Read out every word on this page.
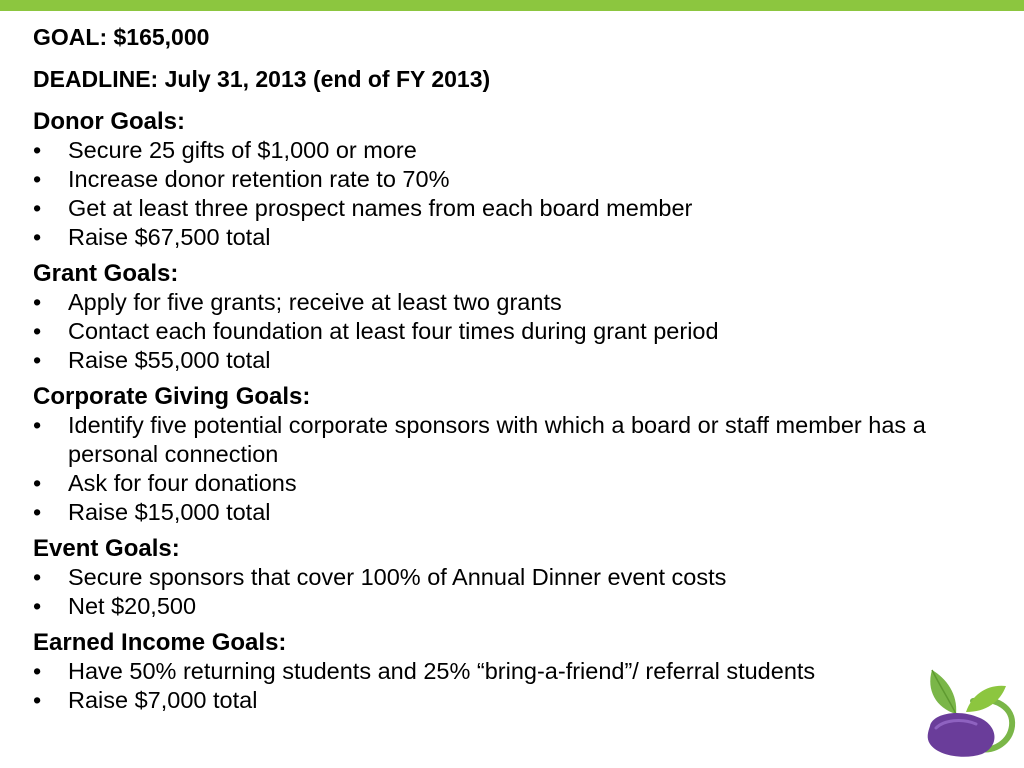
GOAL: $165,000
DEADLINE: July 31, 2013 (end of FY 2013)
Donor Goals:
•	Secure 25 gifts of $1,000 or more
•	Increase donor retention rate to 70%
•	Get at least three prospect names from each board member
•	Raise $67,500 total
Grant Goals:
•	Apply for five grants; receive at least two grants
•	Contact each foundation at least four times during grant period
•	Raise $55,000 total
Corporate Giving Goals:
•	Identify five potential corporate sponsors with which a board or staff member has a personal connection
•	Ask for four donations
•	Raise $15,000 total
Event Goals:
•	Secure sponsors that cover 100% of Annual Dinner event costs
•	Net $20,500
Earned Income Goals:
•	Have 50% returning students and 25% “bring-a-friend”/ referral students
•	Raise $7,000 total
